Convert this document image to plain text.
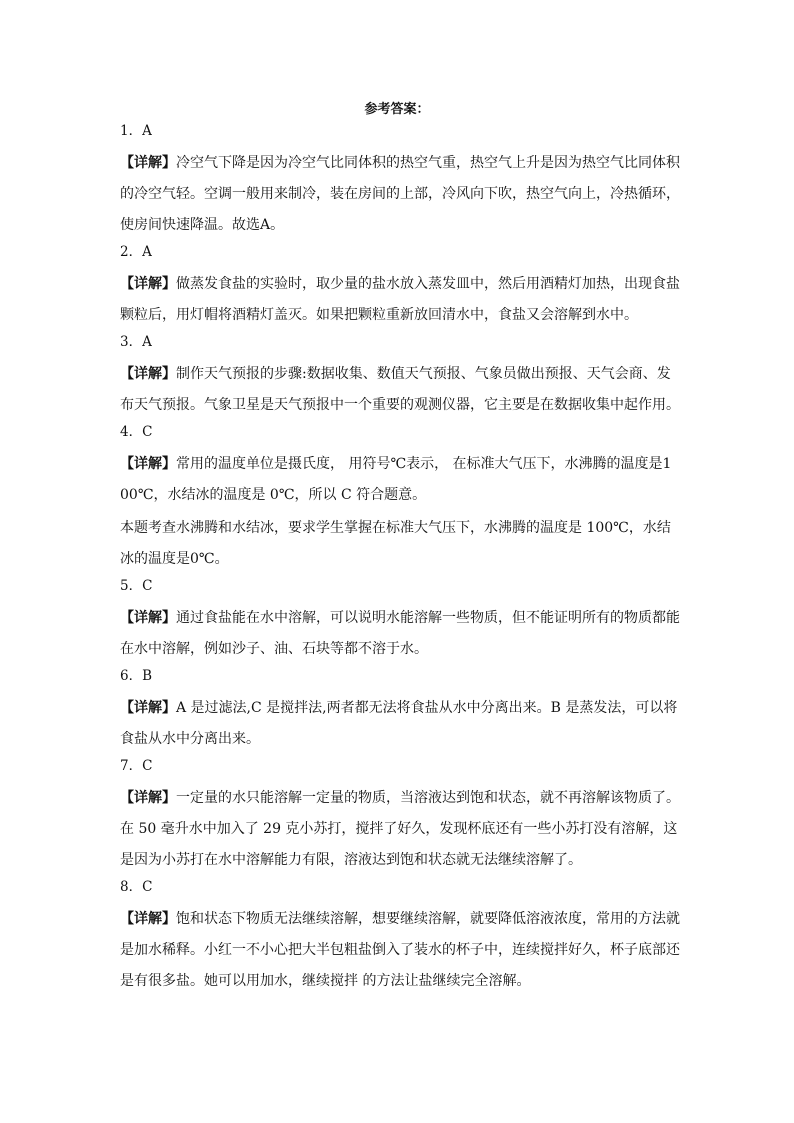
参考答案：
1．A
【详解】冷空气下降是因为冷空气比同体积的热空气重，热空气上升是因为热空气比同体积的冷空气轻。空调一般用来制冷，装在房间的上部，冷风向下吹，热空气向上，冷热循环，使房间快速降温。故选A。
2．A
【详解】做蒸发食盐的实验时，取少量的盐水放入蒸发皿中，然后用酒精灯加热，出现食盐颗粒后，用灯帽将酒精灯盖灭。如果把颗粒重新放回清水中，食盐又会溶解到水中。
3．A
【详解】制作天气预报的步骤:数据收集、数值天气预报、气象员做出预报、天气会商、发布天气预报。气象卫星是天气预报中一个重要的观测仪器，它主要是在数据收集中起作用。
4．C
【详解】常用的温度单位是摄氏度， 用符号℃表示， 在标准大气压下，水沸腾的温度是100℃，水结冰的温度是 0℃，所以 C 符合题意。
本题考查水沸腾和水结冰，要求学生掌握在标准大气压下，水沸腾的温度是 100℃，水结冰的温度是0℃。
5．C
【详解】通过食盐能在水中溶解，可以说明水能溶解一些物质，但不能证明所有的物质都能在水中溶解，例如沙子、油、石块等都不溶于水。
6．B
【详解】A 是过滤法,C 是搅拌法,两者都无法将食盐从水中分离出来。B 是蒸发法，可以将食盐从水中分离出来。
7．C
【详解】一定量的水只能溶解一定量的物质，当溶液达到饱和状态，就不再溶解该物质了。在 50 毫升水中加入了 29 克小苏打，搅拌了好久，发现杯底还有一些小苏打没有溶解，这是因为小苏打在水中溶解能力有限，溶液达到饱和状态就无法继续溶解了。
8．C
【详解】饱和状态下物质无法继续溶解，想要继续溶解，就要降低溶液浓度，常用的方法就是加水稀释。小红一不小心把大半包粗盐倒入了装水的杯子中，连续搅拌好久，杯子底部还是有很多盐。她可以用加水，继续搅拌 的方法让盐继续完全溶解。
